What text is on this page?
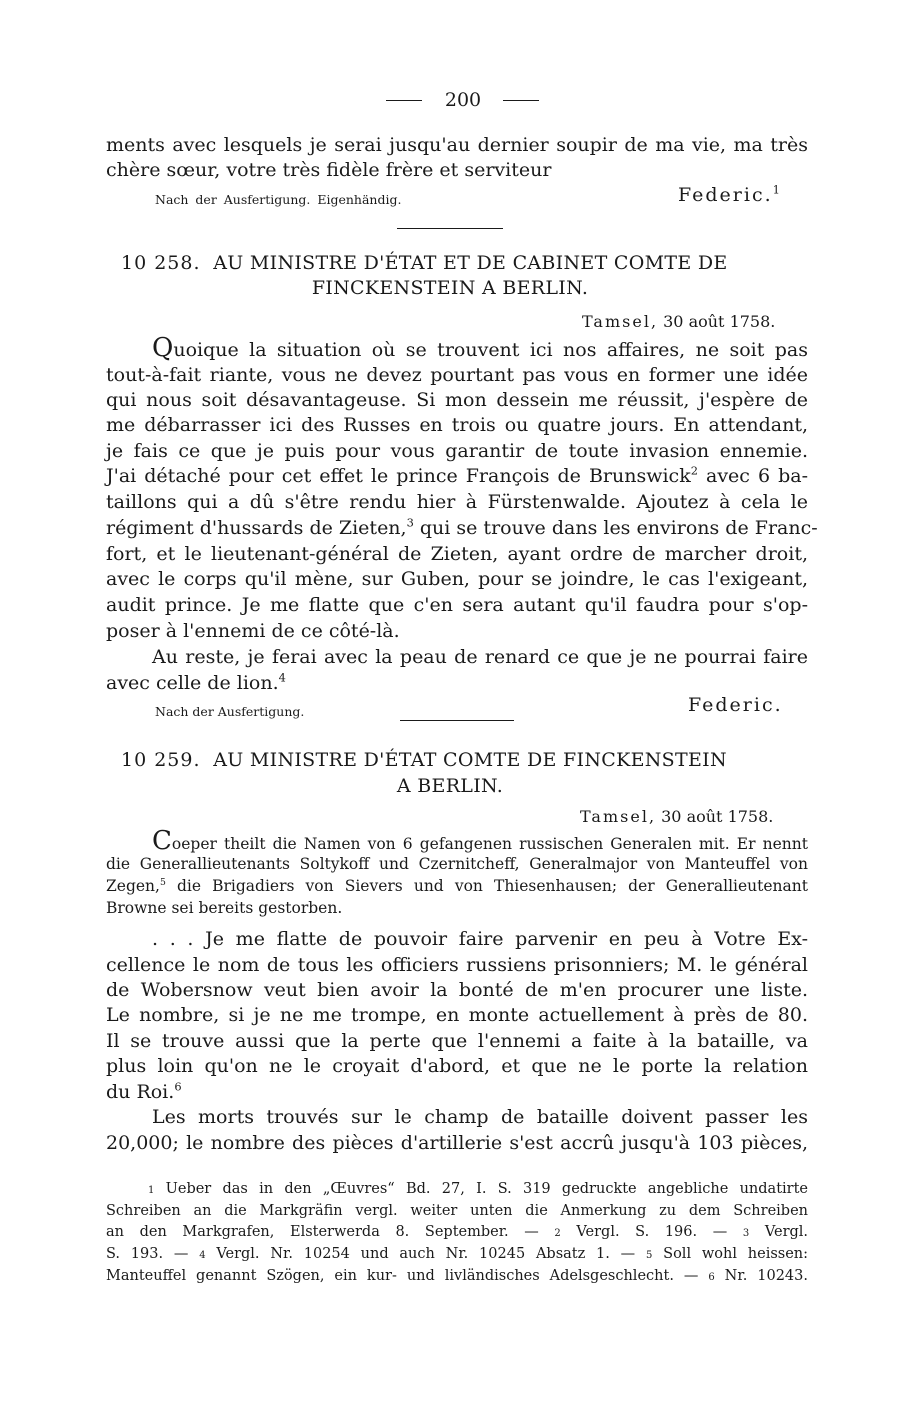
200
ments avec lesquels je serai jusqu'au dernier soupir de ma vie, ma très
chère sœur, votre très fidèle frère et serviteur
Nach der Ausfertigung. Eigenhändig.	Federic.$^1$
10 258. AU MINISTRE D'ÉTAT ET DE CABINET COMTE DE
FINCKENSTEIN A BERLIN.
Tamsel, 30 août 1758.
Quoique la situation où se trouvent ici nos affaires, ne soit pas
tout-à-fait riante, vous ne devez pourtant pas vous en former une idée
qui nous soit désavantageuse. Si mon dessein me réussit, j'espère de
me débarrasser ici des Russes en trois ou quatre jours. En attendant,
je fais ce que je puis pour vous garantir de toute invasion ennemie.
J'ai détaché pour cet effet le prince François de Brunswick$^2$ avec 6 ba-
taillons qui a dû s'être rendu hier à Fürstenwalde. Ajoutez à cela le
régiment d'hussards de Zieten,$^3$ qui se trouve dans les environs de Franc-
fort, et le lieutenant-général de Zieten, ayant ordre de marcher droit,
avec le corps qu'il mène, sur Guben, pour se joindre, le cas l'exigeant,
audit prince. Je me flatte que c'en sera autant qu'il faudra pour s'op-
poser à l'ennemi de ce côté-là.
Au reste, je ferai avec la peau de renard ce que je ne pourrai faire
avec celle de lion.$^4$
Nach der Ausfertigung.	Federic.
10 259. AU MINISTRE D'ÉTAT COMTE DE FINCKENSTEIN
A BERLIN.
Tamsel, 30 août 1758.
Coeper theilt die Namen von 6 gefangenen russischen Generalen mit. Er nennt
die Generallieutenants Soltykoff und Czernitcheff, Generalmajor von Manteuffel von
Zegen,$^5$ die Brigadiers von Sievers und von Thiesenhausen; der Generallieutenant
Browne sei bereits gestorben.
. . . Je me flatte de pouvoir faire parvenir en peu à Votre Ex-
cellence le nom de tous les officiers russiens prisonniers; M. le général
de Wobersnow veut bien avoir la bonté de m'en procurer une liste.
Le nombre, si je ne me trompe, en monte actuellement à près de 80.
Il se trouve aussi que la perte que l'ennemi a faite à la bataille, va
plus loin qu'on ne le croyait d'abord, et que ne le porte la relation
du Roi.$^6$
Les morts trouvés sur le champ de bataille doivent passer les
20,000; le nombre des pièces d'artillerie s'est accrû jusqu'à 103 pièces,
1 Ueber das in den „Œuvres“ Bd. 27, I. S. 319 gedruckte angebliche undatirte
Schreiben an die Markgräfin vergl. weiter unten die Anmerkung zu dem Schreiben
an den Markgrafen, Elsterwerda 8. September. — 2 Vergl. S. 196. — 3 Vergl.
S. 193. — 4 Vergl. Nr. 10254 und auch Nr. 10245 Absatz 1. — 5 Soll wohl heissen:
Manteuffel genannt Szögen, ein kur- und livländisches Adelsgeschlecht. — 6 Nr. 10243.
